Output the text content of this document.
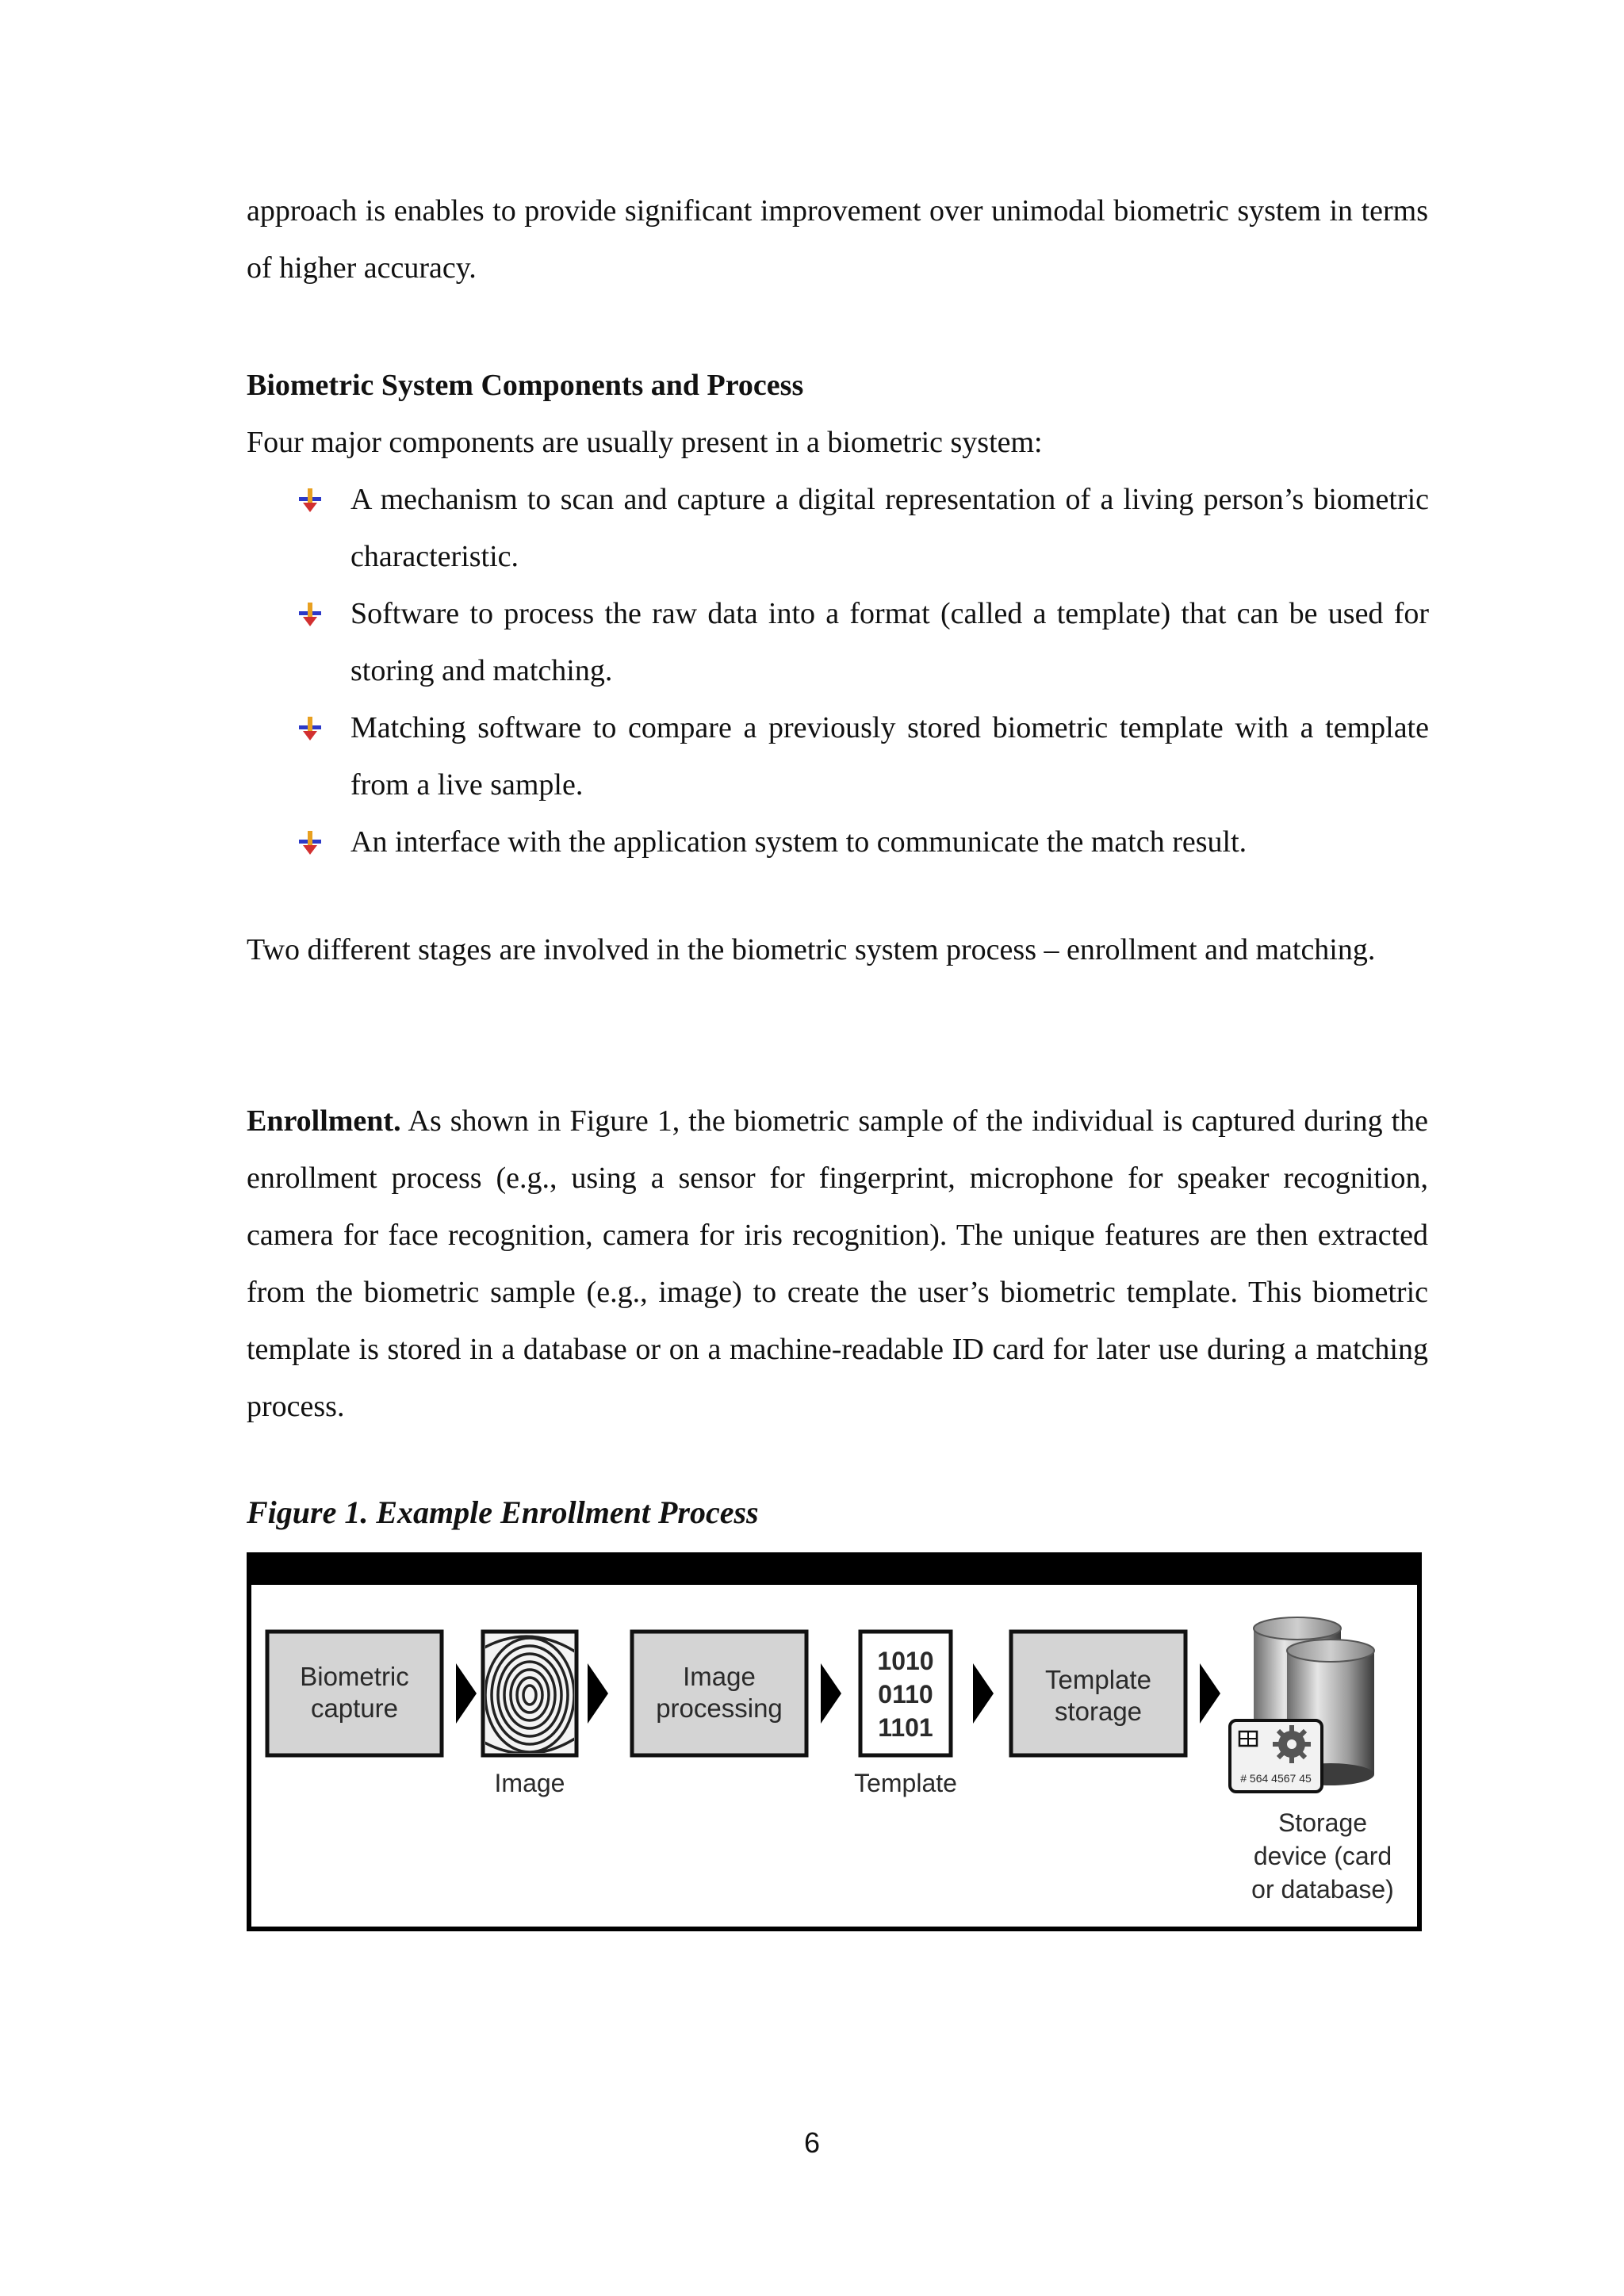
approach is enables to provide significant improvement over unimodal biometric system in terms of higher accuracy.
Biometric System Components and Process
Four major components are usually present in a biometric system:
A mechanism to scan and capture a digital representation of a living person’s biometric characteristic.
Software to process the raw data into a format (called a template) that can be used for storing and matching.
Matching software to compare a previously stored biometric template with a template from a live sample.
An interface with the application system to communicate the match result.
Two different stages are involved in the biometric system process – enrollment and matching.
Enrollment. As shown in Figure 1, the biometric sample of the individual is captured during the enrollment process (e.g., using a sensor for fingerprint, microphone for speaker recognition, camera for face recognition, camera for iris recognition). The unique features are then extracted from the biometric sample (e.g., image) to create the user’s biometric template. This biometric template is stored in a database or on a machine-readable ID card for later use during a matching process.
Figure 1. Example Enrollment Process
Biometric
capture
Image
Image
processing
1010
0110
1101
Template
Template
storage
# 564 4567 45
Storage
device (card
or database)
6
